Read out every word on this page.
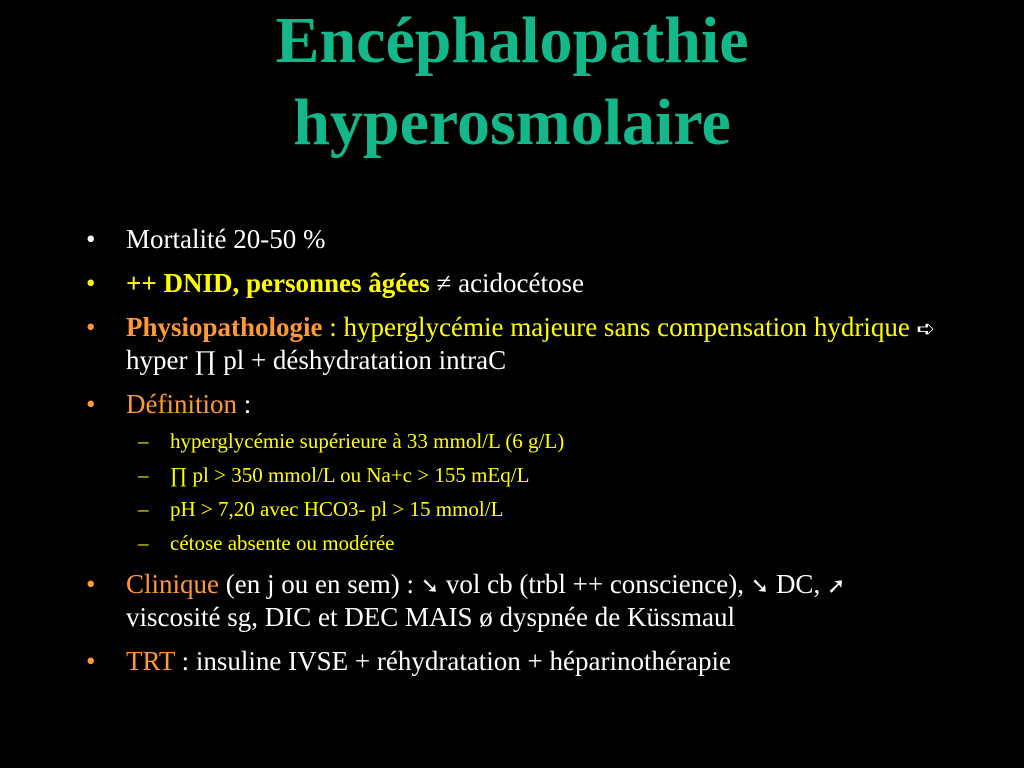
Encéphalopathie
hyperosmolaire
•	Mortalité 20-50 %
•	++ DNID, personnes âgées ≠ acidocétose
•	Physiopathologie : hyperglycémie majeure sans compensation hydrique ➪ hyper ∏ pl + déshydratation intraC
•	Définition :
– hyperglycémie supérieure à 33 mmol/L (6 g/L)
– ∏ pl > 350 mmol/L ou Na+c > 155 mEq/L
– pH > 7,20 avec HCO3- pl > 15 mmol/L
– cétose absente ou modérée
•	Clinique (en j ou en sem) : ➘ vol cb (trbl ++ conscience), ➘ DC, ➚ viscosité sg, DIC et DEC MAIS ø dyspnée de Küssmaul
•	TRT : insuline IVSE + réhydratation + héparinothérapie
